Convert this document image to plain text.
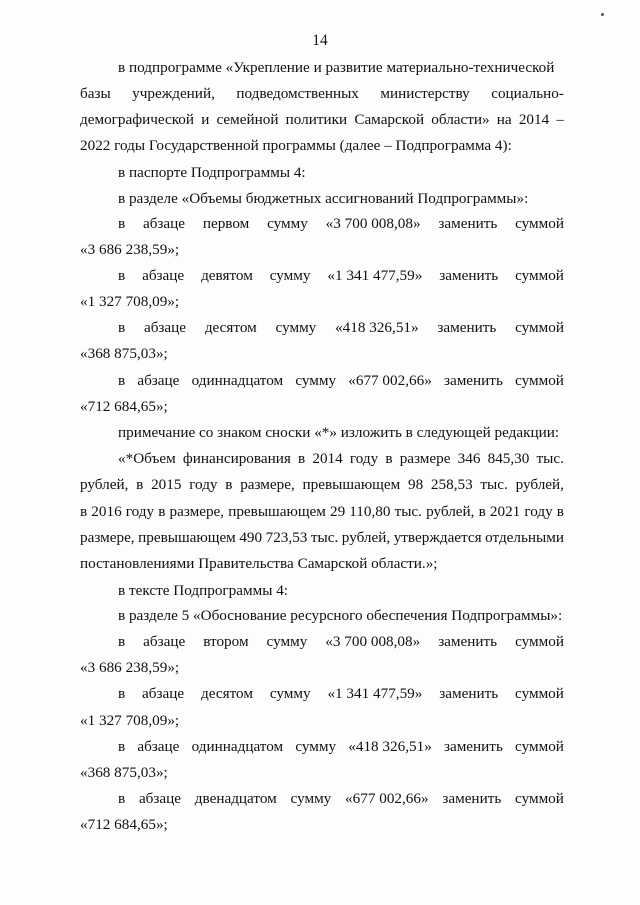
14
в подпрограмме «Укрепление и развитие материально-технической
базы учреждений, подведомственных министерству социально-
демографической и семейной политики Самарской области» на 2014 –
2022 годы Государственной программы (далее – Подпрограмма 4):
в паспорте Подпрограммы 4:
в разделе «Объемы бюджетных ассигнований Подпрограммы»:
в абзаце первом сумму «3 700 008,08» заменить суммой
«3 686 238,59»;
в абзаце девятом сумму «1 341 477,59» заменить суммой
«1 327 708,09»;
в абзаце десятом сумму «418 326,51» заменить суммой
«368 875,03»;
в абзаце одиннадцатом сумму «677 002,66» заменить суммой
«712 684,65»;
примечание со знаком сноски «*» изложить в следующей редакции:
«*Объем финансирования в 2014 году в размере 346 845,30 тыс.
рублей, в 2015 году в размере, превышающем 98 258,53 тыс. рублей,
в 2016 году в размере, превышающем 29 110,80 тыс. рублей, в 2021 году в
размере, превышающем 490 723,53 тыс. рублей, утверждается отдельными
постановлениями Правительства Самарской области.»;
в тексте Подпрограммы 4:
в разделе 5 «Обоснование ресурсного обеспечения Подпрограммы»:
в абзаце втором сумму «3 700 008,08» заменить суммой
«3 686 238,59»;
в абзаце десятом сумму «1 341 477,59» заменить суммой
«1 327 708,09»;
в абзаце одиннадцатом сумму «418 326,51» заменить суммой
«368 875,03»;
в абзаце двенадцатом сумму «677 002,66» заменить суммой
«712 684,65»;
